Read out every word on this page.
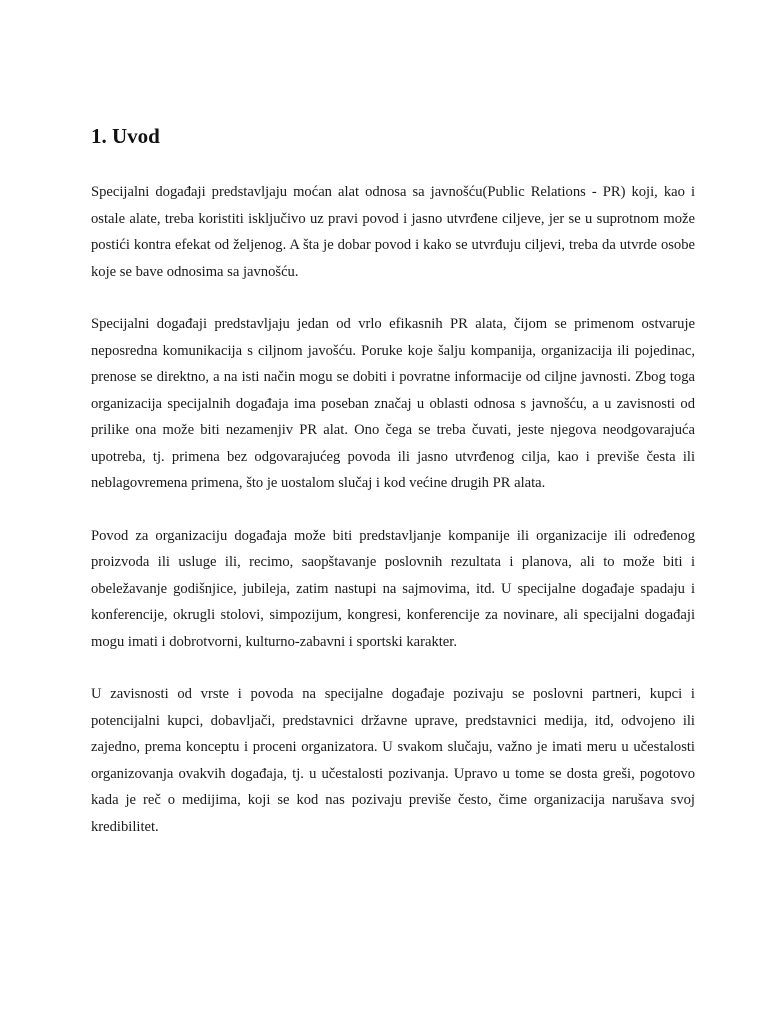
1. Uvod

Specijalni događaji predstavljaju moćan alat odnosa sa javnošću(Public Relations - PR) koji, kao i ostale alate, treba koristiti isključivo uz pravi povod i jasno utvrđene ciljeve, jer se u suprotnom može postići kontra efekat od željenog. A šta je dobar povod i kako se utvrđuju ciljevi, treba da utvrde osobe koje se bave odnosima sa javnošću.

Specijalni događaji predstavljaju jedan od vrlo efikasnih PR alata, čijom se primenom ostvaruje neposredna komunikacija s ciljnom javošću. Poruke koje šalju kompanija, organizacija ili pojedinac, prenose se direktno, a na isti način mogu se dobiti i povratne informacije od ciljne javnosti. Zbog toga organizacija specijalnih događaja ima poseban značaj u oblasti odnosa s javnošću, a u zavisnosti od prilike ona može biti nezamenjiv PR alat. Ono čega se treba čuvati, jeste njegova neodgovarajuća upotreba, tj. primena bez odgovarajućeg povoda ili jasno utvrđenog cilja, kao i previše česta ili neblagovremena primena, što je uostalom slučaj i kod većine drugih PR alata.

Povod za organizaciju događaja može biti predstavljanje kompanije ili organizacije ili određenog proizvoda ili usluge ili, recimo, saopštavanje poslovnih rezultata i planova, ali to može biti i obeležavanje godišnjice, jubileja, zatim nastupi na sajmovima, itd. U specijalne događaje spadaju i konferencije, okrugli stolovi, simpozijum, kongresi, konferencije za novinare, ali specijalni događaji mogu imati i dobrotvorni, kulturno-zabavni i sportski karakter.

U zavisnosti od vrste i povoda na specijalne događaje pozivaju se poslovni partneri, kupci i potencijalni kupci, dobavljači, predstavnici državne uprave, predstavnici medija, itd, odvojeno ili zajedno, prema konceptu i proceni organizatora. U svakom slučaju, važno je imati meru u učestalosti organizovanja ovakvih događaja, tj. u učestalosti pozivanja. Upravo u tome se dosta greši, pogotovo kada je reč o medijima, koji se kod nas pozivaju previše često, čime organizacija narušava svoj kredibilitet.
